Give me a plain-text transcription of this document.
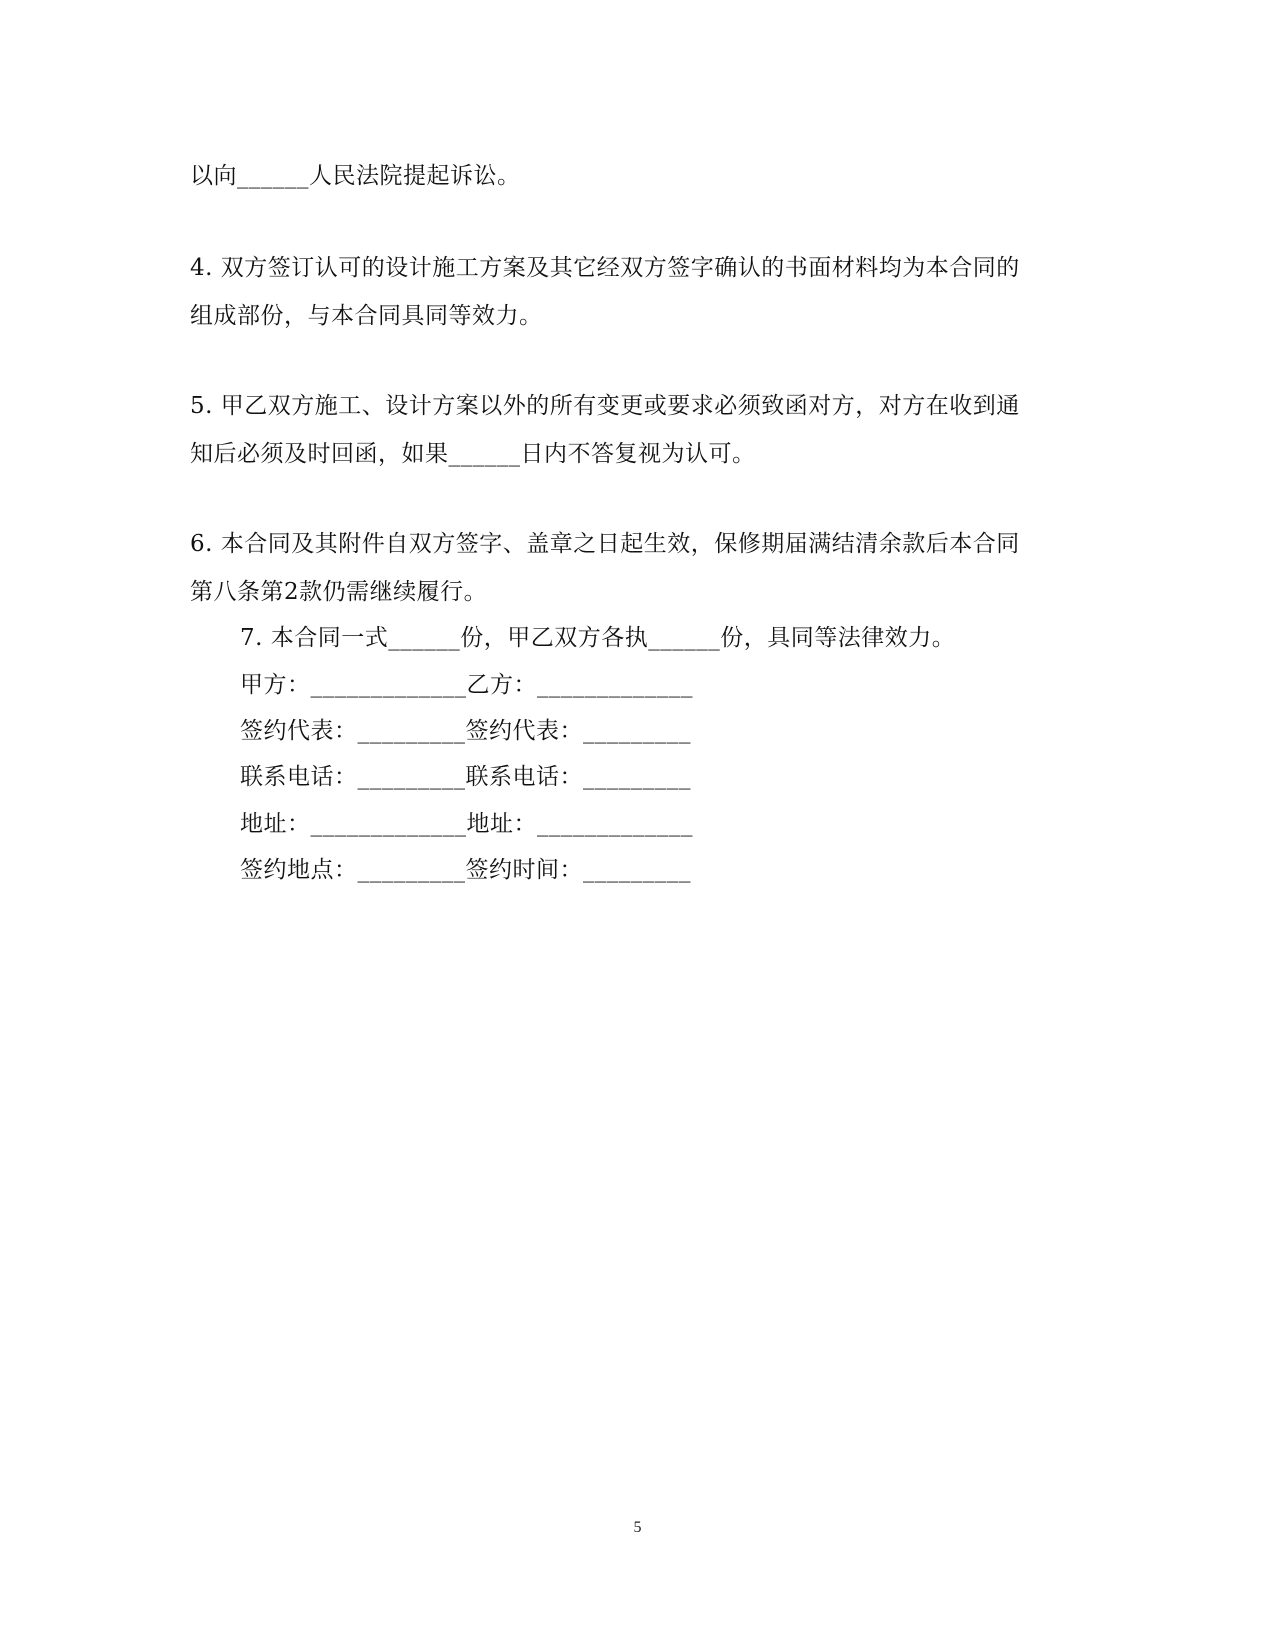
以向______人民法院提起诉讼。
4. 双方签订认可的设计施工方案及其它经双方签字确认的书面材料均为本合同的
组成部份，与本合同具同等效力。
5. 甲乙双方施工、设计方案以外的所有变更或要求必须致函对方，对方在收到通
知后必须及时回函，如果______日内不答复视为认可。
6. 本合同及其附件自双方签字、盖章之日起生效，保修期届满结清余款后本合同
第八条第2款仍需继续履行。
7. 本合同一式______份，甲乙双方各执______份，具同等法律效力。
甲方：_____________乙方：_____________
签约代表：_________签约代表：_________
联系电话：_________联系电话：_________
地址：_____________地址：_____________
签约地点：_________签约时间：_________
5
